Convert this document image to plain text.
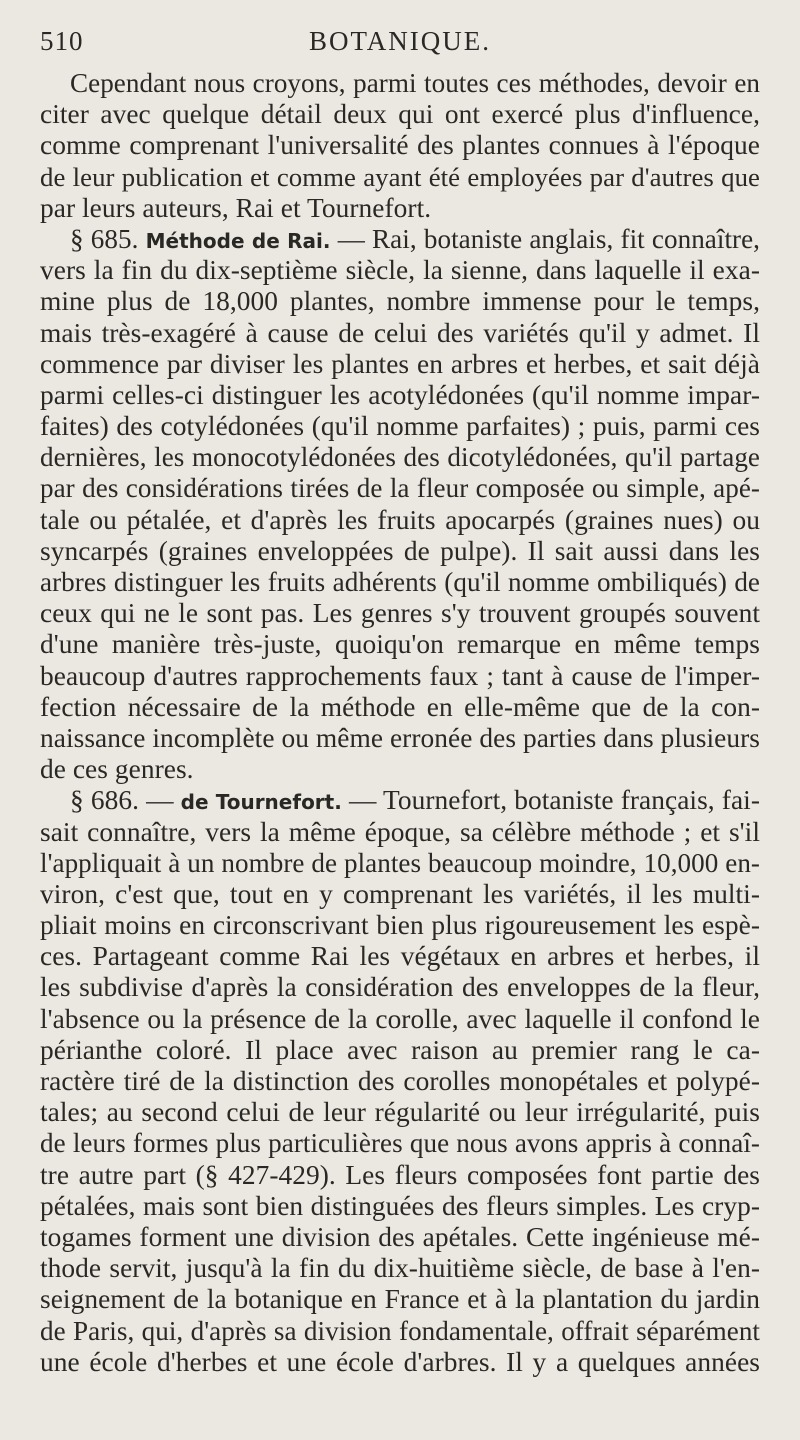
510	BOTANIQUE.
Cependant nous croyons, parmi toutes ces méthodes, devoir en
citer avec quelque détail deux qui ont exercé plus d'influence,
comme comprenant l'universalité des plantes connues à l'époque
de leur publication et comme ayant été employées par d'autres que
par leurs auteurs, Rai et Tournefort.
§ 685. Méthode de Rai. — Rai, botaniste anglais, fit connaître,
vers la fin du dix-septième siècle, la sienne, dans laquelle il exa-
mine plus de 18,000 plantes, nombre immense pour le temps,
mais très-exagéré à cause de celui des variétés qu'il y admet. Il
commence par diviser les plantes en arbres et herbes, et sait déjà
parmi celles-ci distinguer les acotylédonées (qu'il nomme impar-
faites) des cotylédonées (qu'il nomme parfaites) ; puis, parmi ces
dernières, les monocotylédonées des dicotylédonées, qu'il partage
par des considérations tirées de la fleur composée ou simple, apé-
tale ou pétalée, et d'après les fruits apocarpés (graines nues) ou
syncarpés (graines enveloppées de pulpe). Il sait aussi dans les
arbres distinguer les fruits adhérents (qu'il nomme ombiliqués) de
ceux qui ne le sont pas. Les genres s'y trouvent groupés souvent
d'une manière très-juste, quoiqu'on remarque en même temps
beaucoup d'autres rapprochements faux ; tant à cause de l'imper-
fection nécessaire de la méthode en elle-même que de la con-
naissance incomplète ou même erronée des parties dans plusieurs
de ces genres.
§ 686. — de Tournefort. — Tournefort, botaniste français, fai-
sait connaître, vers la même époque, sa célèbre méthode ; et s'il
l'appliquait à un nombre de plantes beaucoup moindre, 10,000 en-
viron, c'est que, tout en y comprenant les variétés, il les multi-
pliait moins en circonscrivant bien plus rigoureusement les espè-
ces. Partageant comme Rai les végétaux en arbres et herbes, il
les subdivise d'après la considération des enveloppes de la fleur,
l'absence ou la présence de la corolle, avec laquelle il confond le
périanthe coloré. Il place avec raison au premier rang le ca-
ractère tiré de la distinction des corolles monopétales et polypé-
tales; au second celui de leur régularité ou leur irrégularité, puis
de leurs formes plus particulières que nous avons appris à connaî-
tre autre part (§ 427-429). Les fleurs composées font partie des
pétalées, mais sont bien distinguées des fleurs simples. Les cryp-
togames forment une division des apétales. Cette ingénieuse mé-
thode servit, jusqu'à la fin du dix-huitième siècle, de base à l'en-
seignement de la botanique en France et à la plantation du jardin
de Paris, qui, d'après sa division fondamentale, offrait séparément
une école d'herbes et une école d'arbres. Il y a quelques années
